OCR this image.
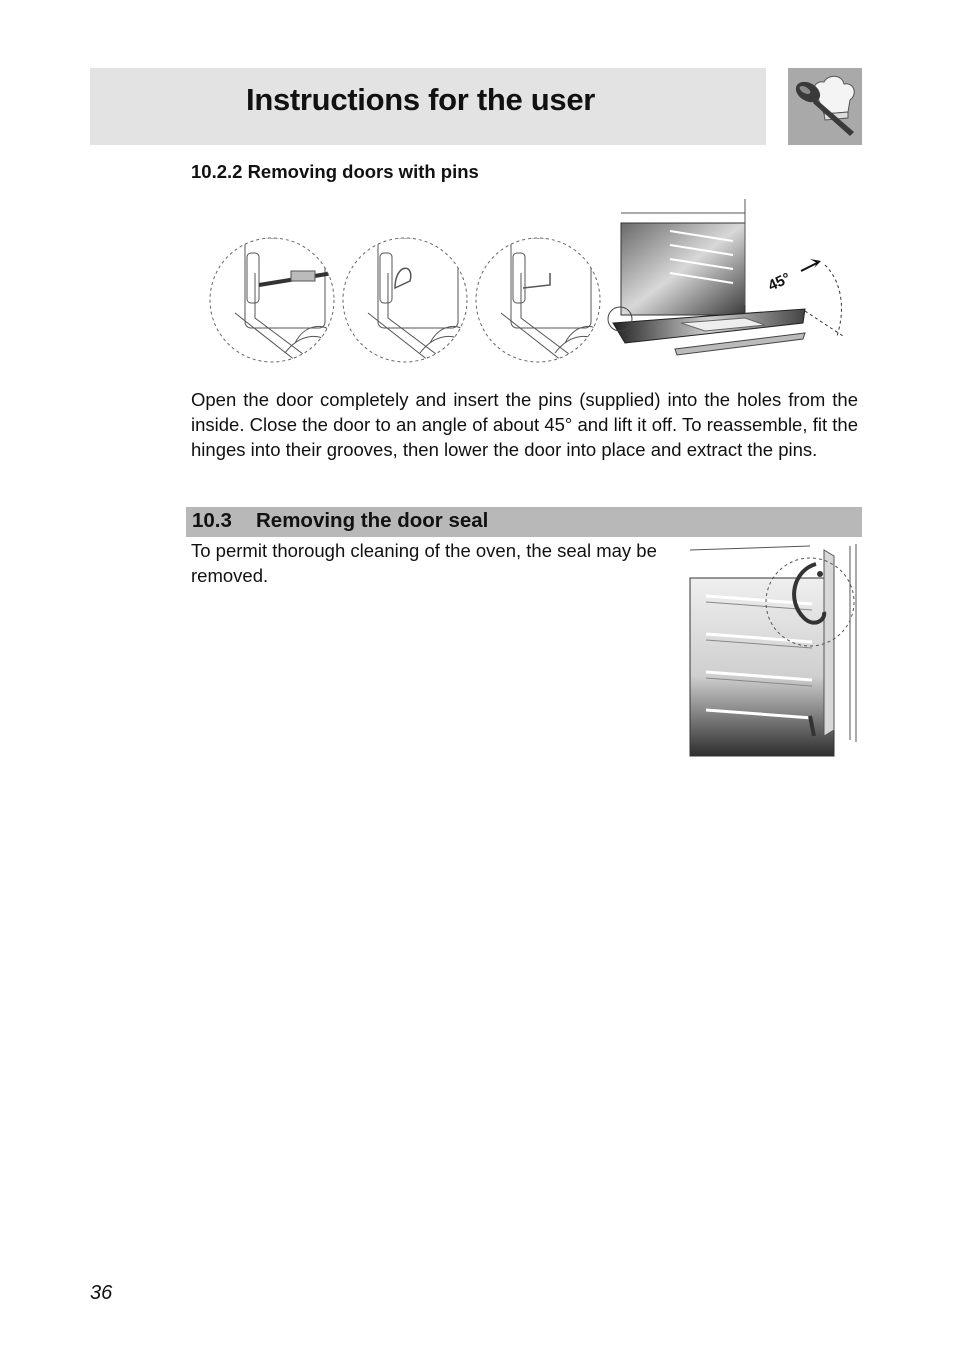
Instructions for the user
10.2.2 Removing doors with pins
45°
Open the door completely and insert the pins (supplied) into the holes from the inside. Close the door to an angle of about 45° and lift it off. To reassemble, fit the hinges into their grooves, then lower the door into place and extract the pins.
10.3 Removing the door seal
To permit thorough cleaning of the oven, the seal may be removed.
36
